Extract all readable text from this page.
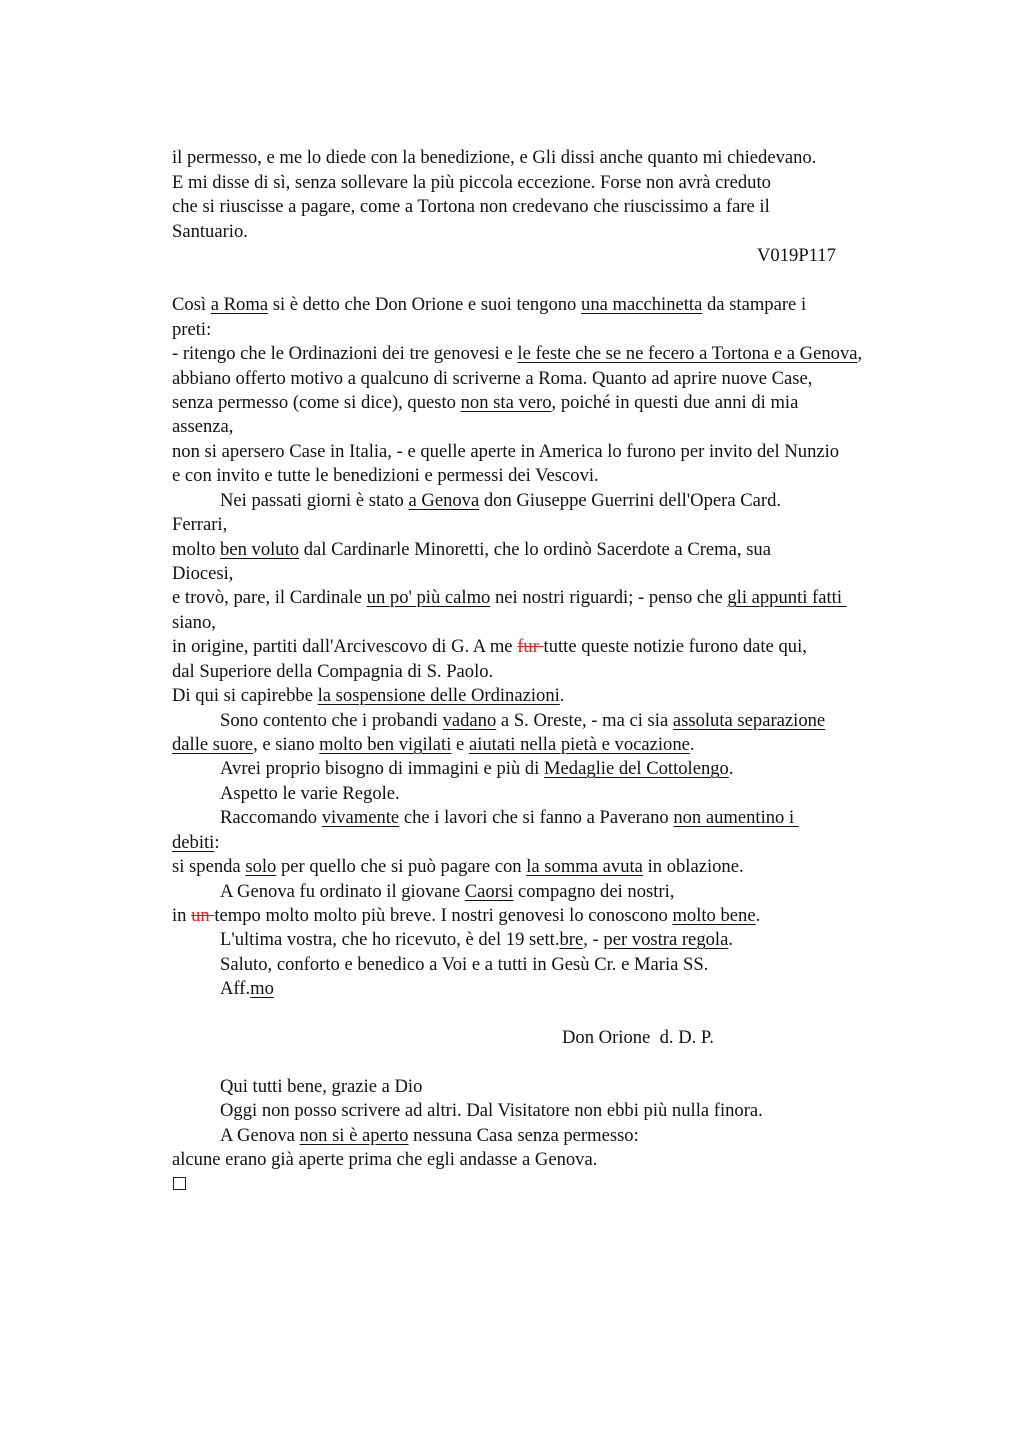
V019P117
Don Orione  d. D. P.
il permesso, e me lo diede con la benedizione, e Gli dissi anche quanto mi chiedevano.
E mi disse di sì, senza sollevare la più piccola eccezione. Forse non avrà creduto
che si riuscisse a pagare, come a Tortona non credevano che riuscissimo a fare il
Santuario.
Così a Roma si è detto che Don Orione e suoi tengono una macchinetta da stampare i
preti:
- ritengo che le Ordinazioni dei tre genovesi e le feste che se ne fecero a Tortona e a Genova,
abbiano offerto motivo a qualcuno di scriverne a Roma. Quanto ad aprire nuove Case,
senza permesso (come si dice), questo non sta vero, poiché in questi due anni di mia
assenza,
non si apersero Case in Italia, - e quelle aperte in America lo furono per invito del Nunzio
e con invito e tutte le benedizioni e permessi dei Vescovi.
Nei passati giorni è stato a Genova don Giuseppe Guerrini dell'Opera Card.
Ferrari,
molto ben voluto dal Cardinarle Minoretti, che lo ordinò Sacerdote a Crema, sua
Diocesi,
e trovò, pare, il Cardinale un po' più calmo nei nostri riguardi; - penso che gli appunti fatti
siano,
in origine, partiti dall'Arcivescovo di G. A me fur tutte queste notizie furono date qui,
dal Superiore della Compagnia di S. Paolo.
Di qui si capirebbe la sospensione delle Ordinazioni.
Sono contento che i probandi vadano a S. Oreste, - ma ci sia assoluta separazione
dalle suore, e siano molto ben vigilati e aiutati nella pietà e vocazione.
Avrei proprio bisogno di immagini e più di Medaglie del Cottolengo.
Aspetto le varie Regole.
Raccomando vivamente che i lavori che si fanno a Paverano non aumentino i
debiti:
si spenda solo per quello che si può pagare con la somma avuta in oblazione.
A Genova fu ordinato il giovane Caorsi compagno dei nostri,
in un tempo molto molto più breve. I nostri genovesi lo conoscono molto bene.
L'ultima vostra, che ho ricevuto, è del 19 sett.bre, - per vostra regola.
Saluto, conforto e benedico a Voi e a tutti in Gesù Cr. e Maria SS.
Aff.mo
Qui tutti bene, grazie a Dio
Oggi non posso scrivere ad altri. Dal Visitatore non ebbi più nulla finora.
A Genova non si è aperto nessuna Casa senza permesso:
alcune erano già aperte prima che egli andasse a Genova.
